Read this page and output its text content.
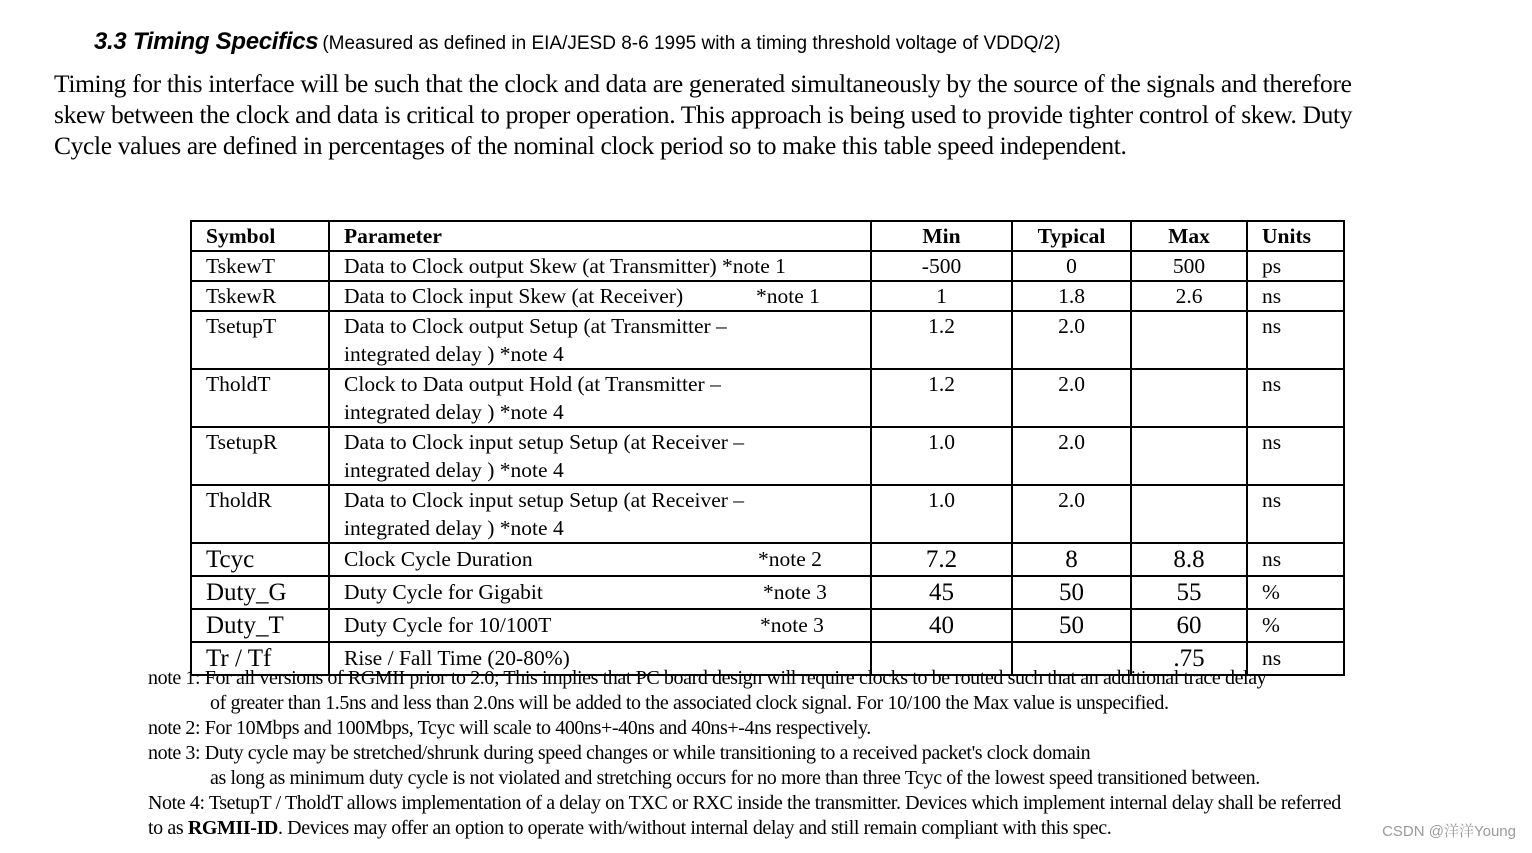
3.3 Timing Specifics (Measured as defined in EIA/JESD 8-6 1995 with a timing threshold voltage of VDDQ/2)

Timing for this interface will be such that the clock and data are generated simultaneously by the source of the signals and therefore
skew between the clock and data is critical to proper operation. This approach is being used to provide tighter control of skew. Duty
Cycle values are defined in percentages of the nominal clock period so to make this table speed independent.

Symbol	Parameter	Min	Typical	Max	Units
TskewT	Data to Clock output Skew (at Transmitter) *note 1	-500	0	500	ps
TskewR	Data to Clock input Skew (at Receiver) *note 1	1	1.8	2.6	ns
TsetupT	Data to Clock output Setup (at Transmitter –
integrated delay ) *note 4	1.2	2.0		ns
TholdT	Clock to Data output Hold (at Transmitter –
integrated delay ) *note 4	1.2	2.0		ns
TsetupR	Data to Clock input setup Setup (at Receiver –
integrated delay ) *note 4	1.0	2.0		ns
TholdR	Data to Clock input setup Setup (at Receiver –
integrated delay ) *note 4	1.0	2.0		ns
Tcyc	Clock Cycle Duration *note 2	7.2	8	8.8	ns
Duty_G	Duty Cycle for Gigabit *note 3	45	50	55	%
Duty_T	Duty Cycle for 10/100T *note 3	40	50	60	%
Tr / Tf	Rise / Fall Time (20-80%)			.75	ns
note 1: For all versions of RGMII prior to 2.0; This implies that PC board design will require clocks to be routed such that an additional trace delay
of greater than 1.5ns and less than 2.0ns will be added to the associated clock signal. For 10/100 the Max value is unspecified.
note 2: For 10Mbps and 100Mbps, Tcyc will scale to 400ns+-40ns and 40ns+-4ns respectively.
note 3: Duty cycle may be stretched/shrunk during speed changes or while transitioning to a received packet's clock domain
as long as minimum duty cycle is not violated and stretching occurs for no more than three Tcyc of the lowest speed transitioned between.
Note 4: TsetupT / TholdT allows implementation of a delay on TXC or RXC inside the transmitter. Devices which implement internal delay shall be referred
to as RGMII-ID. Devices may offer an option to operate with/without internal delay and still remain compliant with this spec.	CSDN @洋洋Young
